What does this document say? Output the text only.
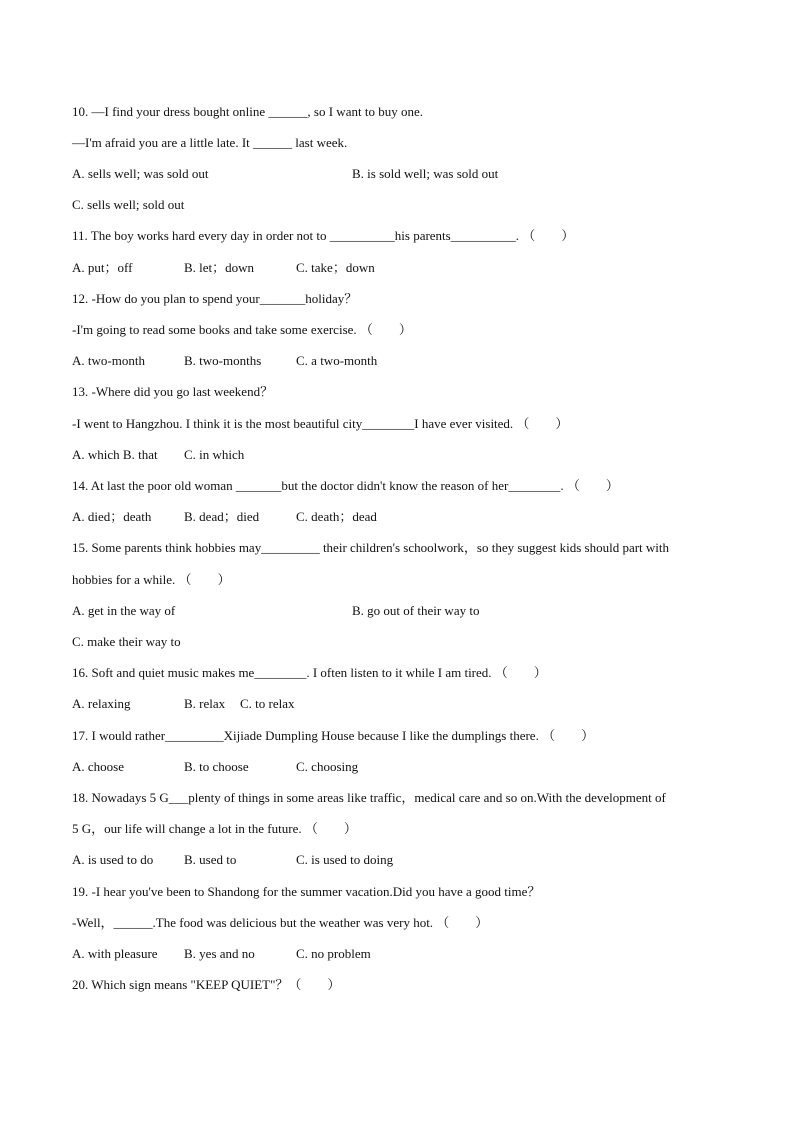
10. —I find your dress bought online ______, so I want to buy one.
—I'm afraid you are a little late. It ______ last week.
A. sells well; was sold out	B. is sold well; was sold out
C. sells well; sold out
11. The boy works hard every day in order not to __________his parents__________. （　　）
A. put；off	B. let；down	C. take；down
12. -How do you plan to spend your_______holiday？
-I'm going to read some books and take some exercise. （　　）
A. two-month	B. two-months	C. a two-month
13. -Where did you go last weekend？
-I went to Hangzhou. I think it is the most beautiful city________I have ever visited. （　　）
A. which B. that C. in which
14. At last the poor old woman _______but the doctor didn't know the reason of her________. （　　）
A. died；death	B. dead；died	C. death；dead
15. Some parents think hobbies may_________ their children's schoolwork，so they suggest kids should part with
hobbies for a while. （　　）
A. get in the way of	B. go out of their way to
C. make their way to
16. Soft and quiet music makes me________. I often listen to it while I am tired. （　　）
A. relaxing	B. relax C. to relax
17. I would rather_________Xijiade Dumpling House because I like the dumplings there. （　　）
A. choose	B. to choose	C. choosing
18. Nowadays 5 G___plenty of things in some areas like traffic，medical care and so on.With the development of
5 G，our life will change a lot in the future. （　　）
A. is used to do B. used to	C. is used to doing
19. -I hear you've been to Shandong for the summer vacation.Did you have a good time？
-Well，______.The food was delicious but the weather was very hot. （　　）
A. with pleasure B. yes and no	C. no problem
20. Which sign means "KEEP QUIET"？（　　）
